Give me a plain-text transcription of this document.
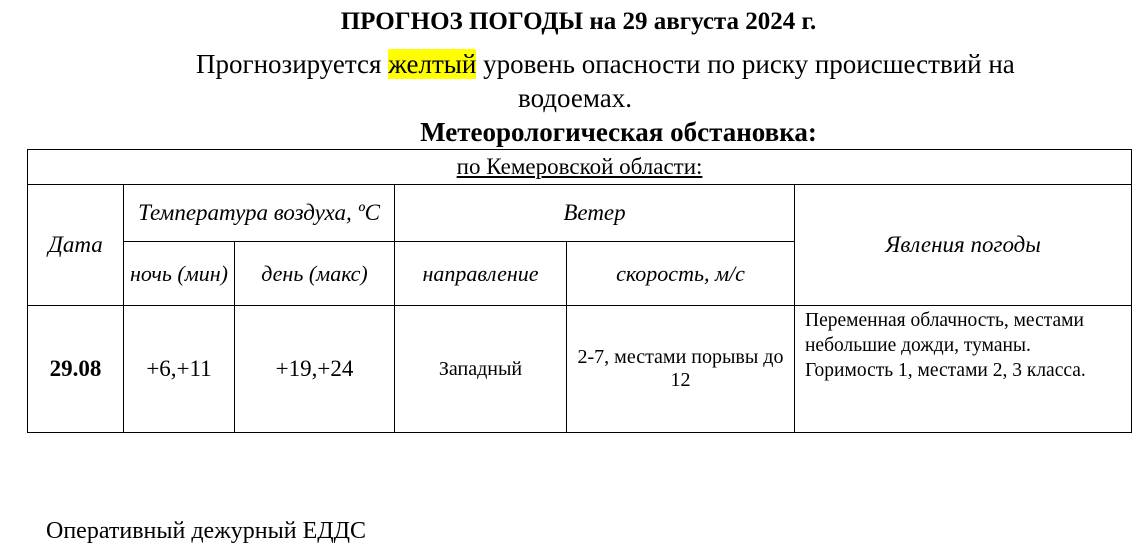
ПРОГНОЗ ПОГОДЫ на 29 августа 2024 г.
Прогнозируется желтый уровень опасности по риску происшествий на
водоемах.
Метеорологическая обстановка:
по Кемеровской области:					
Дата	Температура воздуха, ºС		Ветер		Явления погоды
	ночь (мин)	день (макс)	направление	скорость, м/с	
29.08	+6,+11	+19,+24	Западный	2-7, местами порывы до 12	Переменная облачность, местами небольшие дожди, туманы. Горимость 1, местами 2, 3 класса.
Оперативный дежурный ЕДДС
